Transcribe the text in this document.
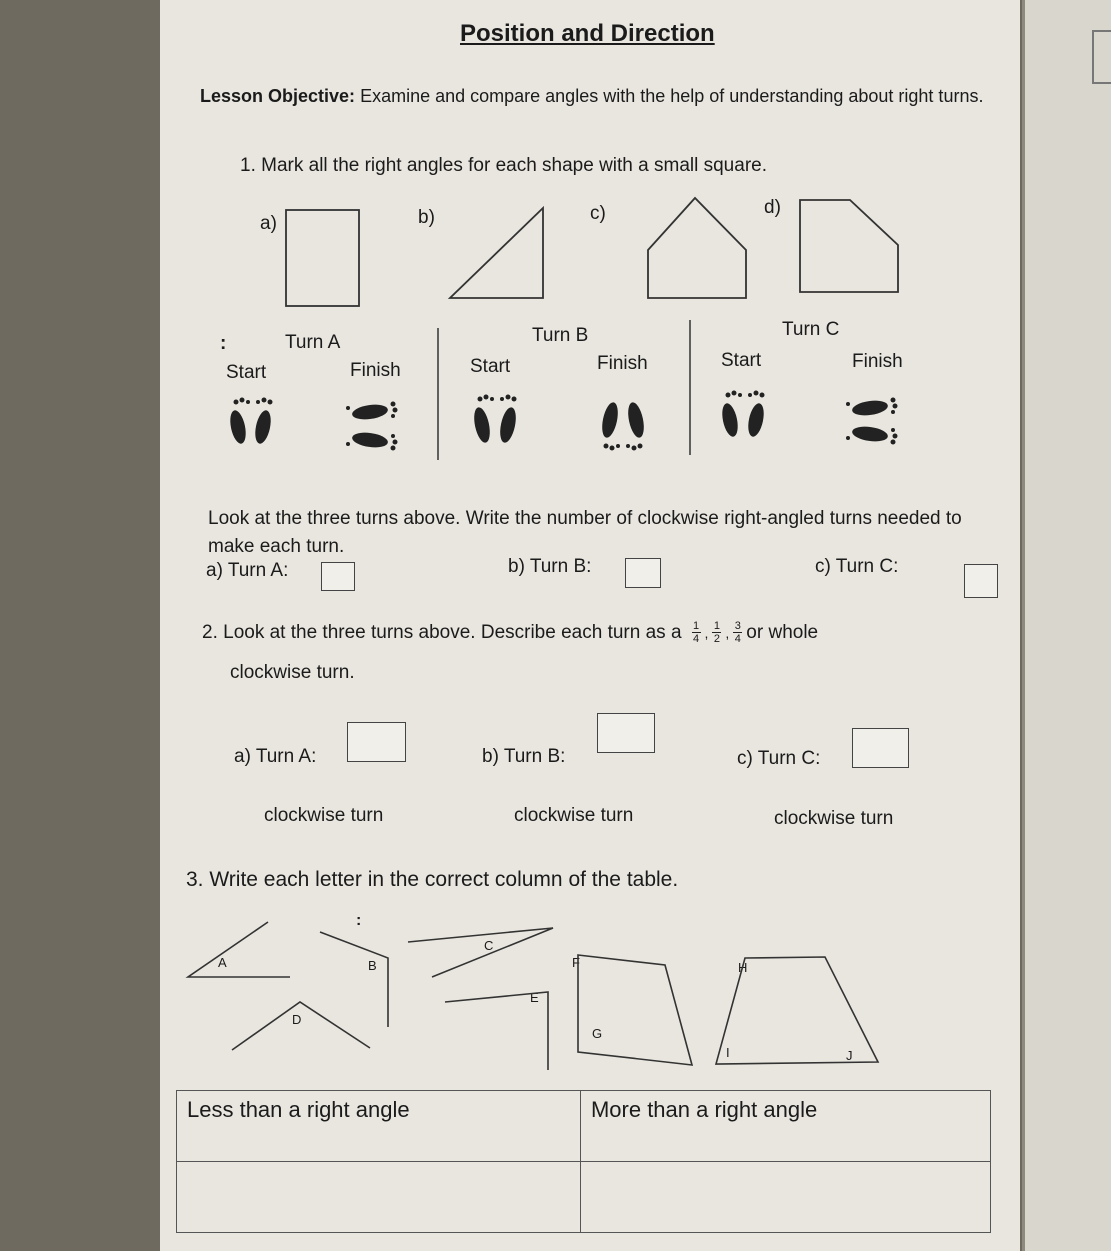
Position and Direction
Lesson Objective: Examine and compare angles with the help of understanding about right turns.
1. Mark all the right angles for each shape with a small square.
a)	b)	c)	d)
:	Turn A
Start	Finish
Turn B
Start	Finish
Turn C
Start	Finish
Look at the three turns above. Write the number of clockwise right-angled turns needed to make each turn.
a) Turn A:	b) Turn B:	c) Turn C:
2. Look at the three turns above. Describe each turn as a $\frac{1}{4}$ , $\frac{1}{2}$ , $\frac{3}{4}$ or whole
clockwise turn.
a) Turn A:	b) Turn B:	c) Turn C:
clockwise turn	clockwise turn	clockwise turn
3. Write each letter in the correct column of the table.
:
A	B
C
D
E
F
G
H
I	J
Less than a right angle	More than a right angle
